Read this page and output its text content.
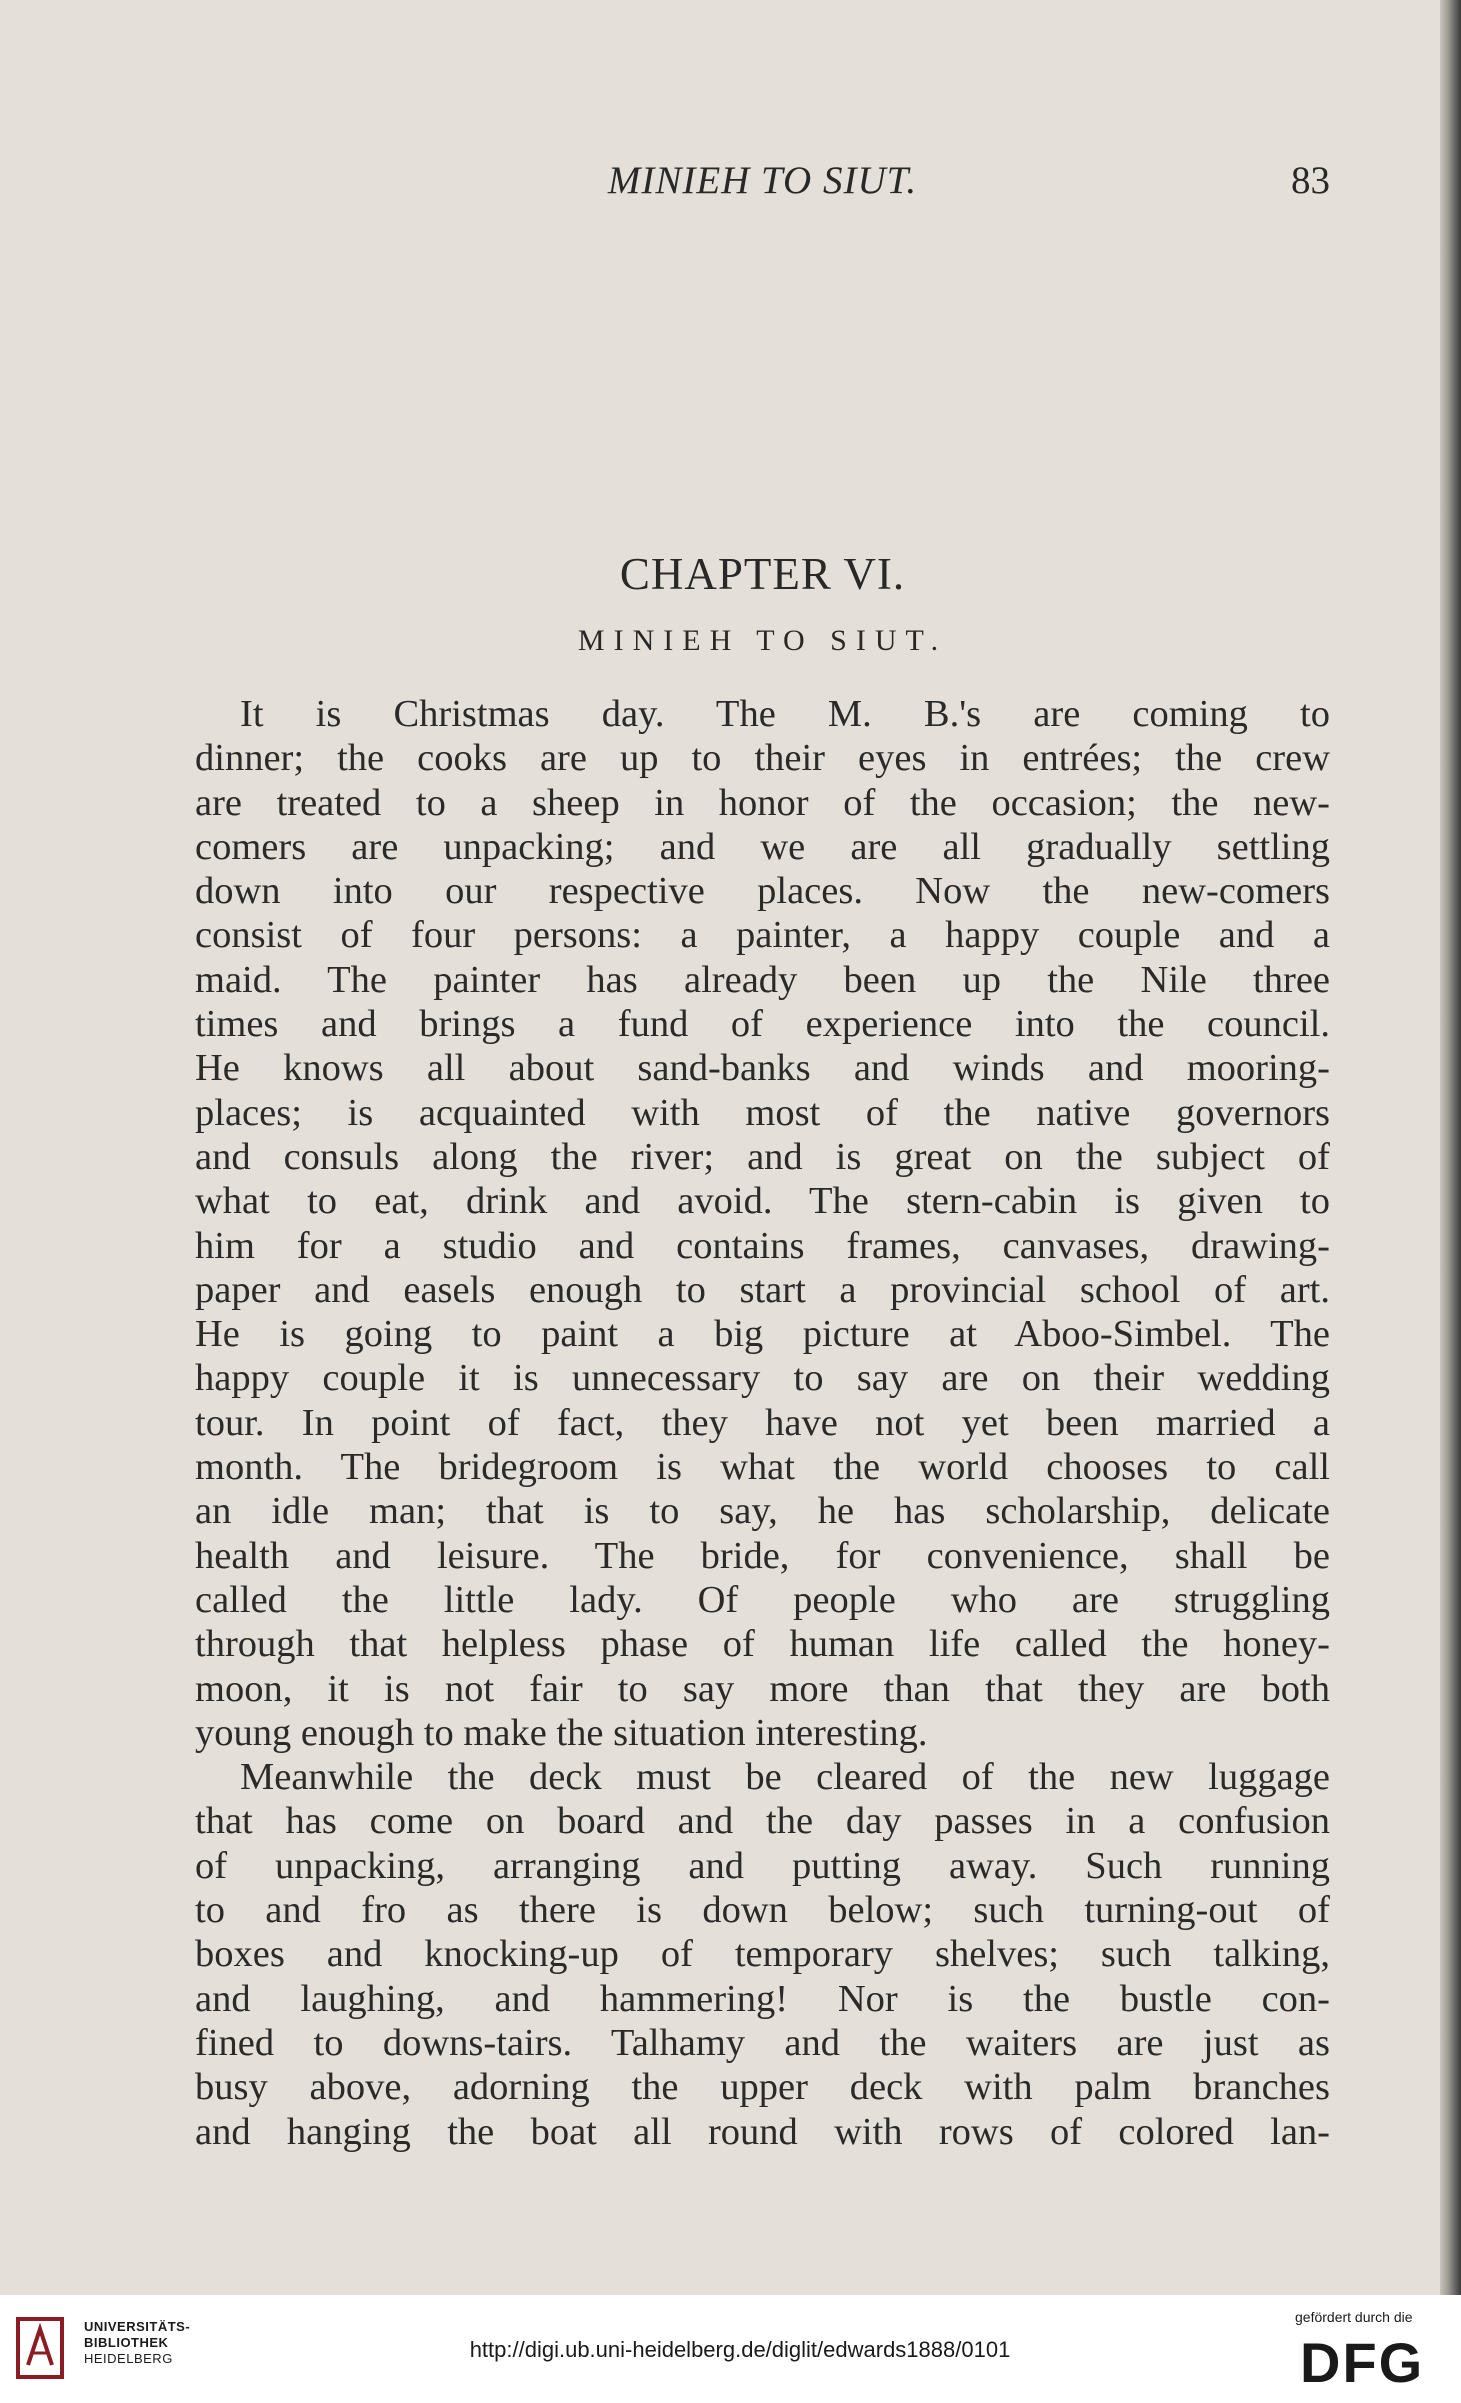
MINIEH TO SIUT.	83
CHAPTER VI.
MINIEH TO SIUT.
It is Christmas day. The M. B.'s are coming to
dinner; the cooks are up to their eyes in entrées; the crew
are treated to a sheep in honor of the occasion; the new-
comers are unpacking; and we are all gradually settling
down into our respective places. Now the new-comers
consist of four persons: a painter, a happy couple and a
maid. The painter has already been up the Nile three
times and brings a fund of experience into the council.
He knows all about sand-banks and winds and mooring-
places; is acquainted with most of the native governors
and consuls along the river; and is great on the subject of
what to eat, drink and avoid. The stern-cabin is given to
him for a studio and contains frames, canvases, drawing-
paper and easels enough to start a provincial school of art.
He is going to paint a big picture at Aboo-Simbel. The
happy couple it is unnecessary to say are on their wedding
tour. In point of fact, they have not yet been married a
month. The bridegroom is what the world chooses to call
an idle man; that is to say, he has scholarship, delicate
health and leisure. The bride, for convenience, shall be
called the little lady. Of people who are struggling
through that helpless phase of human life called the honey-
moon, it is not fair to say more than that they are both
young enough to make the situation interesting.
Meanwhile the deck must be cleared of the new luggage
that has come on board and the day passes in a confusion
of unpacking, arranging and putting away. Such running
to and fro as there is down below; such turning-out of
boxes and knocking-up of temporary shelves; such talking,
and laughing, and hammering! Nor is the bustle con-
fined to downs-tairs. Talhamy and the waiters are just as
busy above, adorning the upper deck with palm branches
and hanging the boat all round with rows of colored lan-
UNIVERSITÄTS-
BIBLIOTHEK
HEIDELBERG	http://digi.ub.uni-heidelberg.de/diglit/edwards1888/0101
gefördert durch die
DFG
